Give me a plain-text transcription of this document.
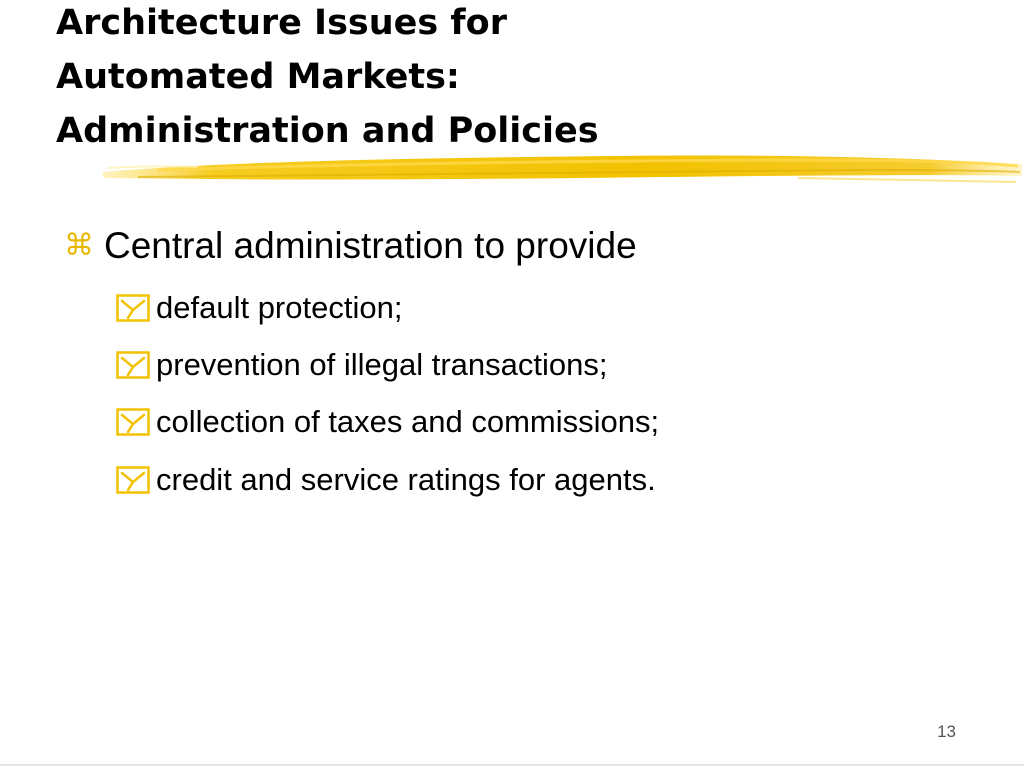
Architecture Issues for
Automated Markets:
Administration and Policies
⌘ Central administration to provide
default protection;
prevention of illegal transactions;
collection of taxes and commissions;
credit and service ratings for agents.
13
